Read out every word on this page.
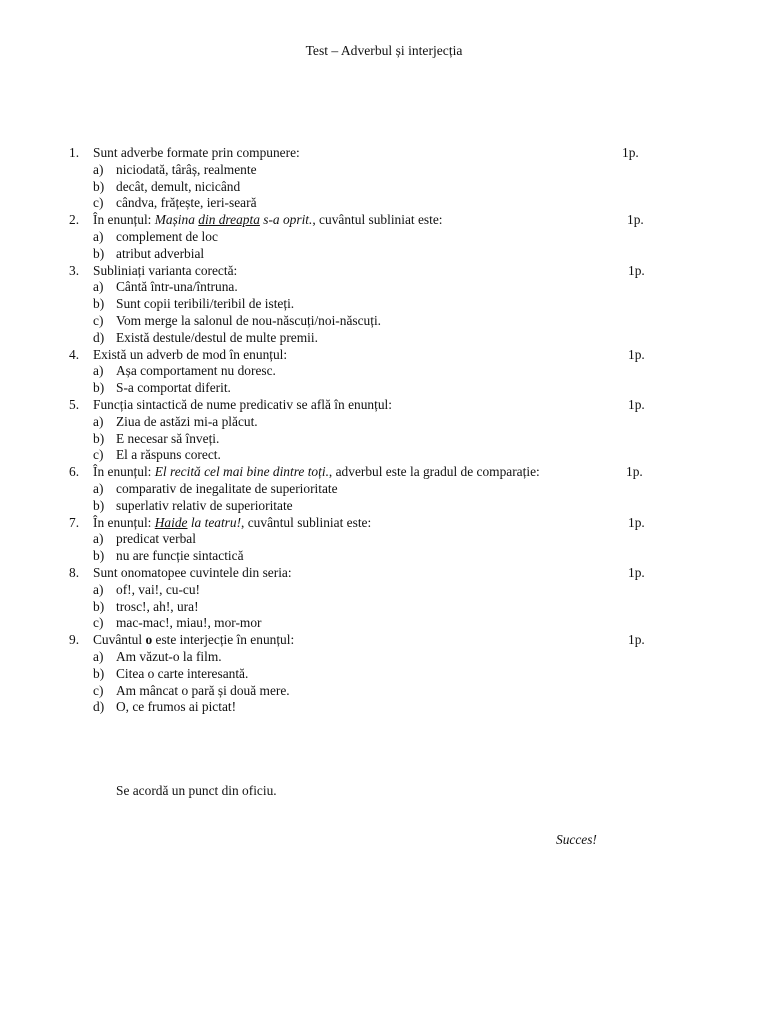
Test – Adverbul și interjecția
1. Sunt adverbe formate prin compunere:	1p.
a) niciodată, târâș, realmente
b) decât, demult, nicicând
c) cândva, frățește, ieri-seară
2. În enunțul: Mașina din dreapta s-a oprit., cuvântul subliniat este:	1p.
a) complement de loc
b) atribut adverbial
3. Subliniați varianta corectă:	1p.
a) Cântă într-una/întruna.
b) Sunt copii teribili/teribil de isteți.
c) Vom merge la salonul de nou-născuți/noi-născuți.
d) Există destule/destul de multe premii.
4. Există un adverb de mod în enunțul:	1p.
a) Așa comportament nu doresc.
b) S-a comportat diferit.
5. Funcția sintactică de nume predicativ se află în enunțul:	1p.
a) Ziua de astăzi mi-a plăcut.
b) E necesar să înveți.
c) El a răspuns corect.
6. În enunțul: El recită cel mai bine dintre toți., adverbul este la gradul de comparație:	1p.
a) comparativ de inegalitate de superioritate
b) superlativ relativ de superioritate
7. În enunțul: Haide la teatru!, cuvântul subliniat este:	1p.
a) predicat verbal
b) nu are funcție sintactică
8. Sunt onomatopee cuvintele din seria:	1p.
a) of!, vai!, cu-cu!
b) trosc!, ah!, ura!
c) mac-mac!, miau!, mor-mor
9. Cuvântul o este interjecție în enunțul:	1p.
a) Am văzut-o la film.
b) Citea o carte interesantă.
c) Am mâncat o pară și două mere.
d) O, ce frumos ai pictat!
Se acordă un punct din oficiu.
Succes!
